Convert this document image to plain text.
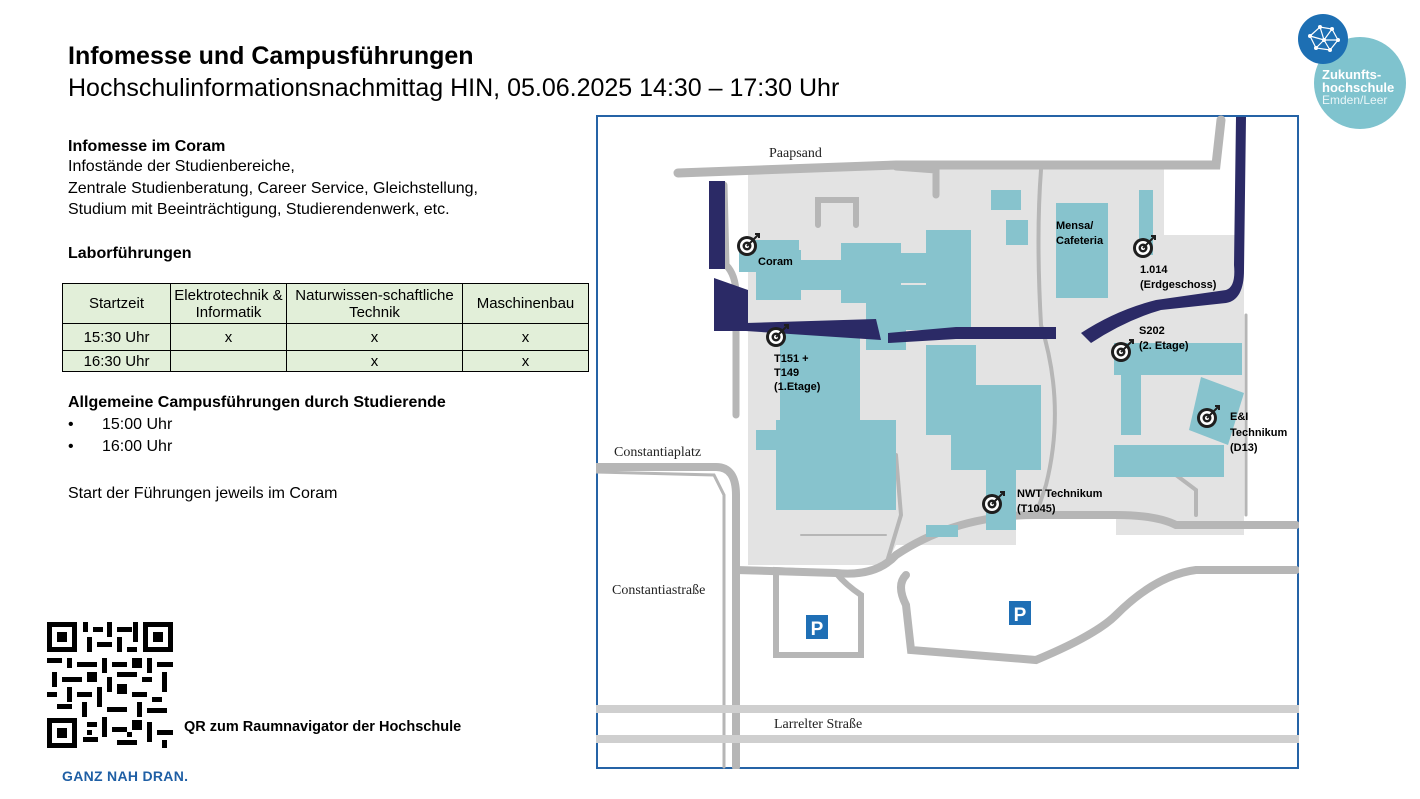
Infomesse und Campusführungen
Hochschulinformationsnachmittag HIN, 05.06.2025 14:30 – 17:30 Uhr
Infomesse im Coram
Infostände der Studienbereiche,
Zentrale Studienberatung, Career Service, Gleichstellung,
Studium mit Beeinträchtigung, Studierendenwerk, etc.
Laborführungen
Startzeit	Elektrotechnik & Informatik	Naturwissen-schaftliche Technik	Maschinenbau
15:30 Uhr	x	x	x
16:30 Uhr		x	x
Allgemeine Campusführungen durch Studierende
•	15:00 Uhr
•	16:00 Uhr
Start der Führungen jeweils im Coram
QR zum Raumnavigator der Hochschule
GANZ NAH DRAN.
Zukunfts-
hochschule
Emden/Leer
P
P
Paapsand
Constantiaplatz
Constantiastraße
Larrelter Straße
Coram
Mensa/
Cafeteria
1.014
(Erdgeschoss)
T151 +
T149
(1.Etage)
S202
(2. Etage)
E&I
Technikum
(D13)
NWT Technikum
(T1045)
